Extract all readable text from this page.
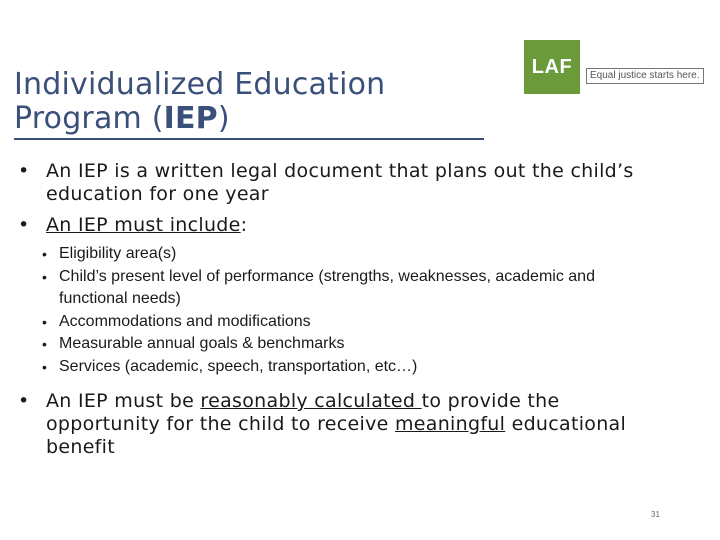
Individualized Education
Program (IEP)
LAF	Equal justice starts here.
• An IEP is a written legal document that plans out the child’s education for one year
• An IEP must include:
• Eligibility area(s)
• Child’s present level of performance (strengths, weaknesses, academic and functional needs)
• Accommodations and modifications
• Measurable annual goals & benchmarks
• Services (academic, speech, transportation, etc…)
• An IEP must be reasonably calculated to provide the opportunity for the child to receive meaningful educational benefit
31
